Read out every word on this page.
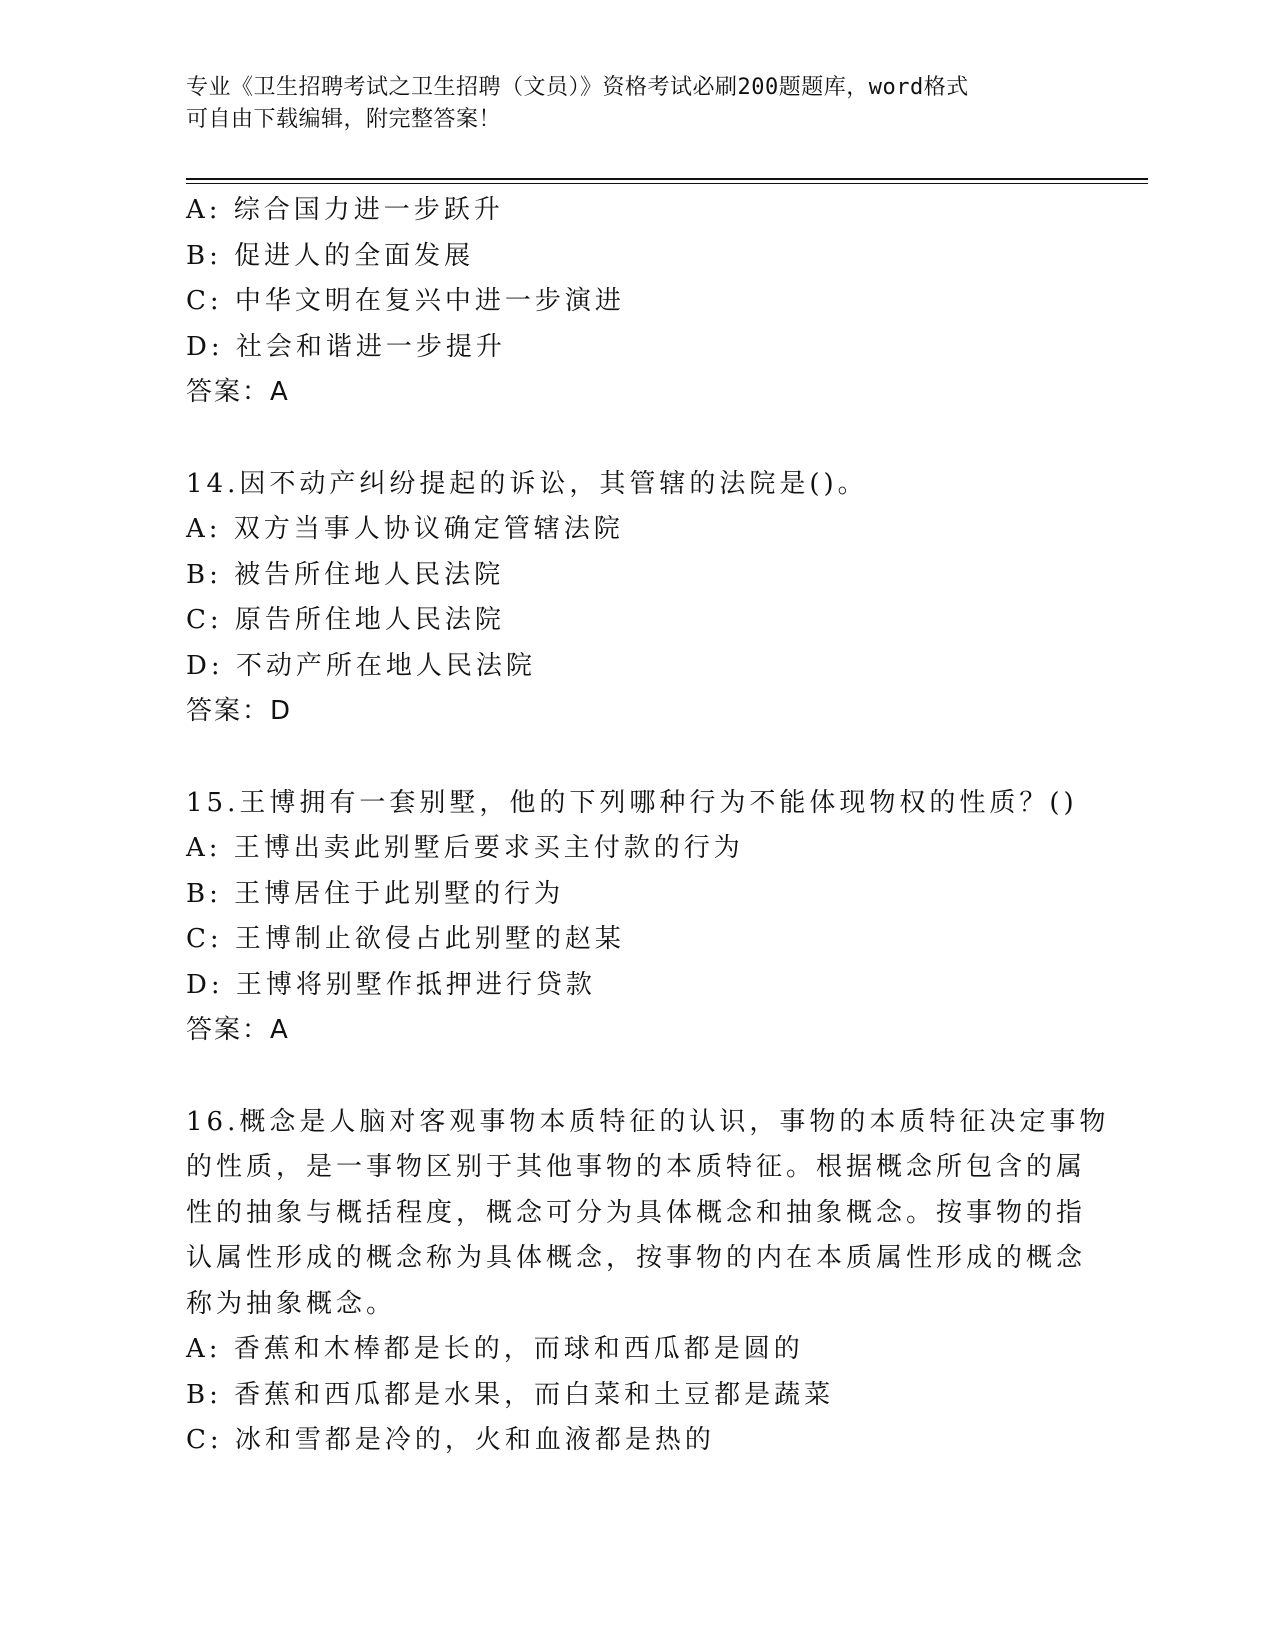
专业《卫生招聘考试之卫生招聘（文员）》资格考试必刷200题题库，word格式
可自由下载编辑，附完整答案！
A: 综合国力进一步跃升
B: 促进人的全面发展
C: 中华文明在复兴中进一步演进
D: 社会和谐进一步提升
答案：A
14.因不动产纠纷提起的诉讼，其管辖的法院是()。
A: 双方当事人协议确定管辖法院
B: 被告所住地人民法院
C: 原告所住地人民法院
D: 不动产所在地人民法院
答案：D
15.王博拥有一套别墅，他的下列哪种行为不能体现物权的性质？()
A: 王博出卖此别墅后要求买主付款的行为
B: 王博居住于此别墅的行为
C: 王博制止欲侵占此别墅的赵某
D: 王博将别墅作抵押进行贷款
答案：A
16.概念是人脑对客观事物本质特征的认识，事物的本质特征决定事物
的性质，是一事物区别于其他事物的本质特征。根据概念所包含的属
性的抽象与概括程度，概念可分为具体概念和抽象概念。按事物的指
认属性形成的概念称为具体概念，按事物的内在本质属性形成的概念
称为抽象概念。
A: 香蕉和木棒都是长的，而球和西瓜都是圆的
B: 香蕉和西瓜都是水果，而白菜和土豆都是蔬菜
C: 冰和雪都是冷的，火和血液都是热的
